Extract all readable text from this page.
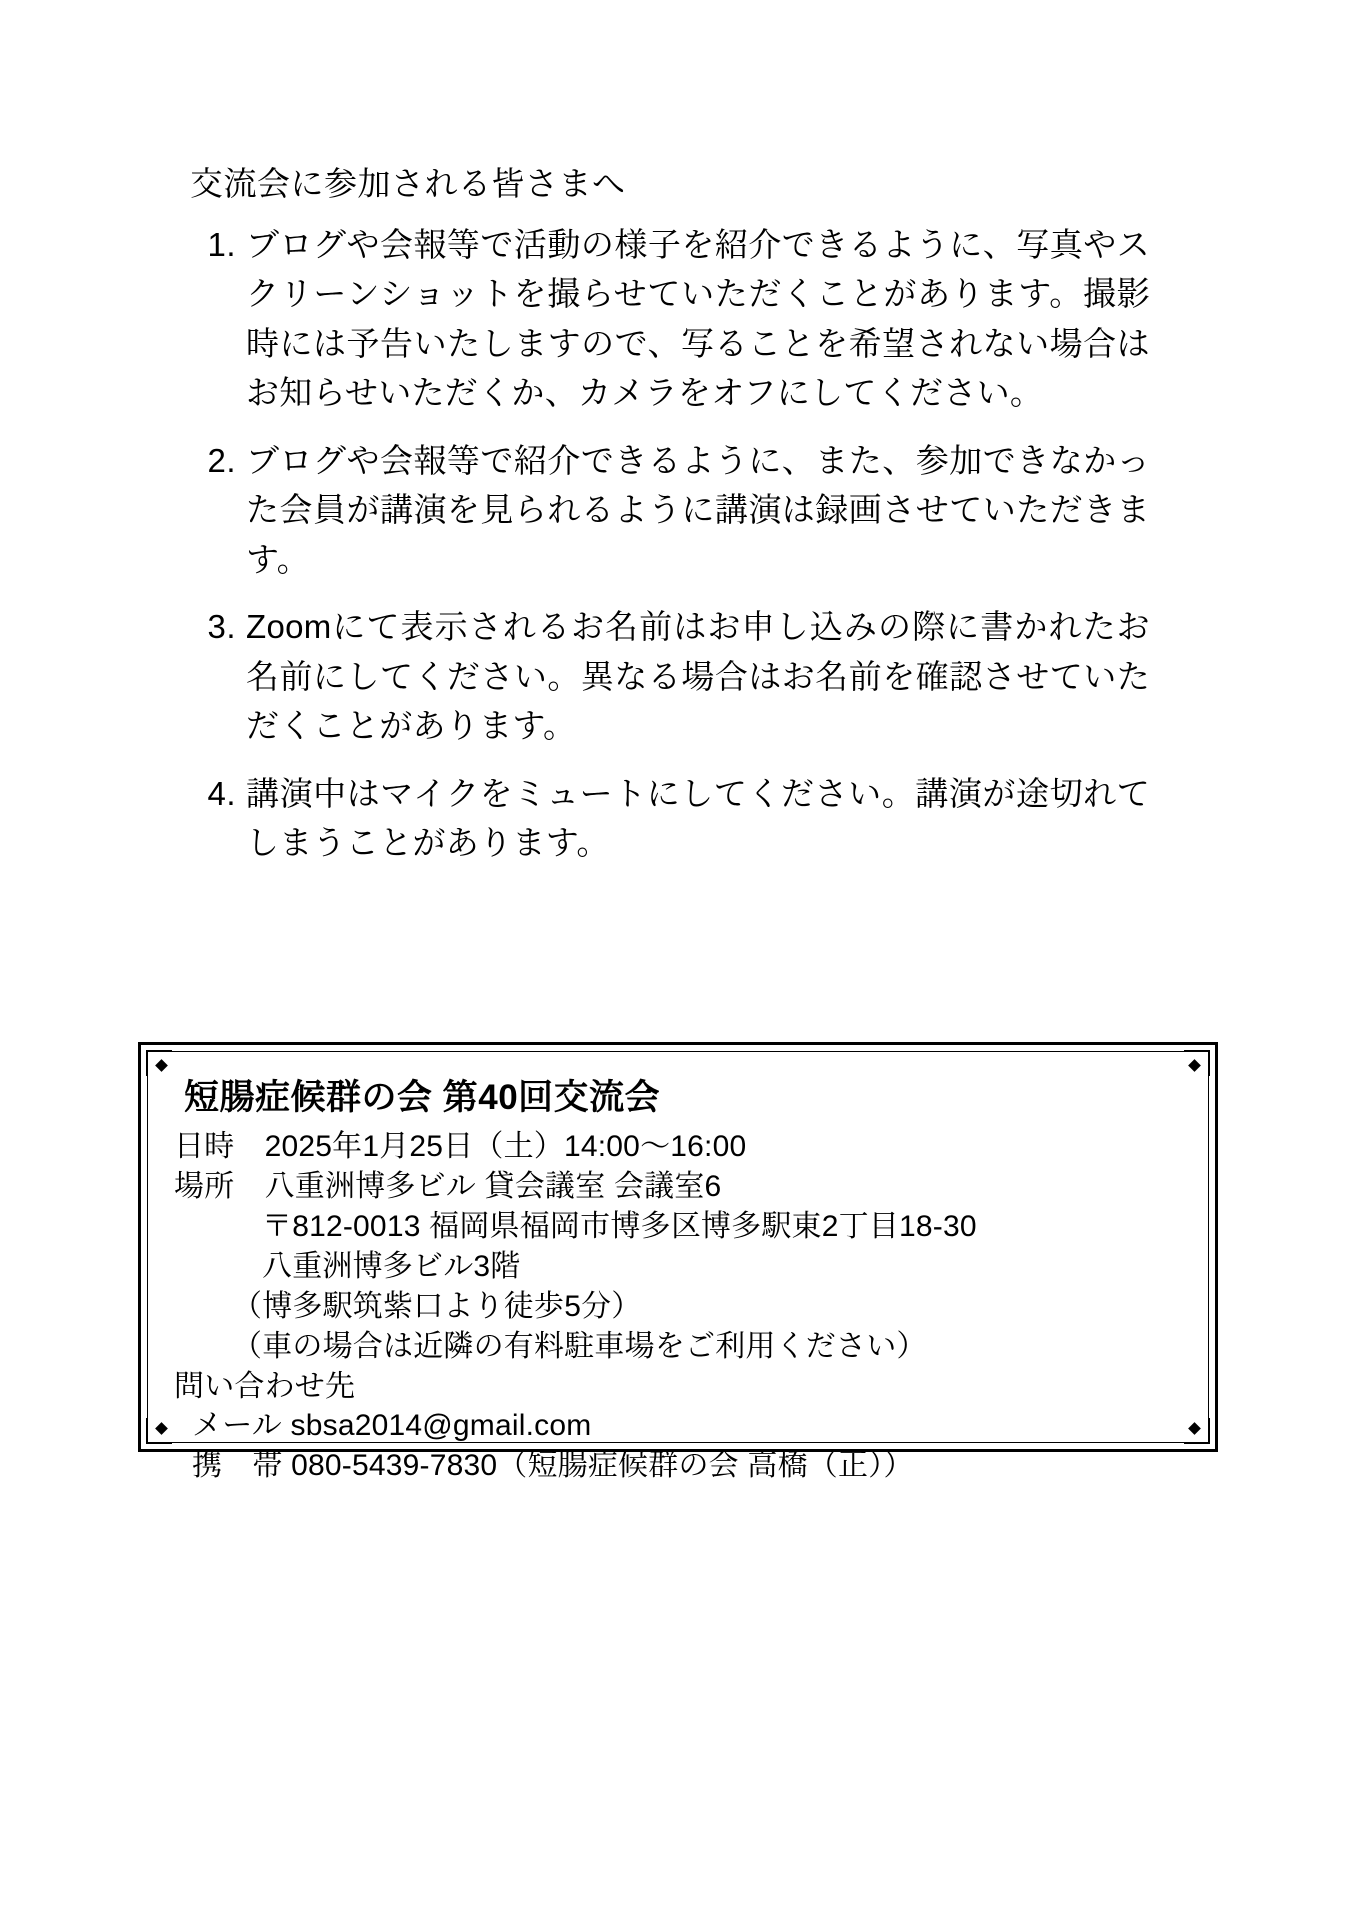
交流会に参加される皆さまへ
1. ブログや会報等で活動の様子を紹介できるように、写真やスクリーンショットを撮らせていただくことがあります。撮影時には予告いたしますので、写ることを希望されない場合はお知らせいただくか、カメラをオフにしてください。
2. ブログや会報等で紹介できるように、また、参加できなかった会員が講演を見られるように講演は録画させていただきます。
3. Zoomにて表示されるお名前はお申し込みの際に書かれたお名前にしてください。異なる場合はお名前を確認させていただくことがあります。
4. 講演中はマイクをミュートにしてください。講演が途切れてしまうことがあります。
短腸症候群の会 第40回交流会

日時　2025年1月25日（土）14:00～16:00

場所　八重洲博多ビル 貸会議室 会議室6

〒812-0013 福岡県福岡市博多区博多駅東2丁目18-30

八重洲博多ビル3階

（博多駅筑紫口より徒歩5分）

（車の場合は近隣の有料駐車場をご利用ください）

問い合わせ先

メール sbsa2014@gmail.com

携　帯 080-5439-7830（短腸症候群の会 高橋（正））
